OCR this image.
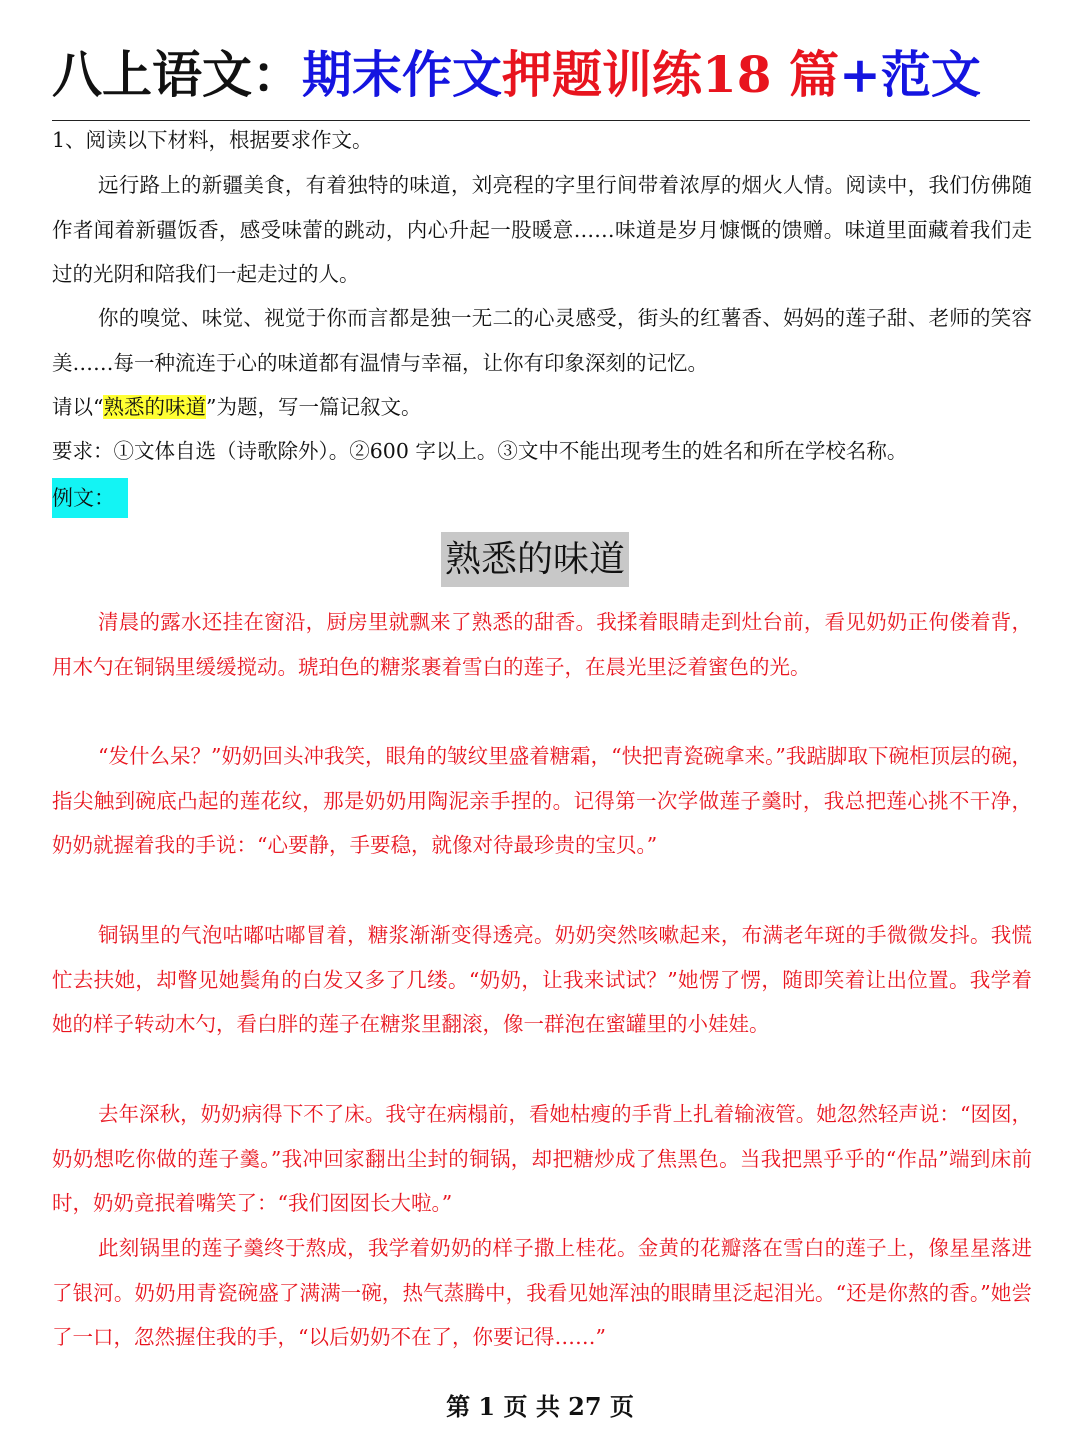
八上语文：期末作文押题训练18 篇+范文
1、阅读以下材料，根据要求作文。
远行路上的新疆美食，有着独特的味道，刘亮程的字里行间带着浓厚的烟火人情。阅读中，我们仿佛随作者闻着新疆饭香，感受味蕾的跳动，内心升起一股暖意……味道是岁月慷慨的馈赠。味道里面藏着我们走过的光阴和陪我们一起走过的人。
你的嗅觉、味觉、视觉于你而言都是独一无二的心灵感受，街头的红薯香、妈妈的莲子甜、老师的笑容美……每一种流连于心的味道都有温情与幸福，让你有印象深刻的记忆。
请以“熟悉的味道”为题，写一篇记叙文。
要求：①文体自选（诗歌除外）。②600 字以上。③文中不能出现考生的姓名和所在学校名称。
例文：
熟悉的味道
清晨的露水还挂在窗沿，厨房里就飘来了熟悉的甜香。我揉着眼睛走到灶台前，看见奶奶正佝偻着背，用木勺在铜锅里缓缓搅动。琥珀色的糖浆裹着雪白的莲子，在晨光里泛着蜜色的光。
“发什么呆？”奶奶回头冲我笑，眼角的皱纹里盛着糖霜，“快把青瓷碗拿来。”我踮脚取下碗柜顶层的碗，指尖触到碗底凸起的莲花纹，那是奶奶用陶泥亲手捏的。记得第一次学做莲子羹时，我总把莲心挑不干净，奶奶就握着我的手说：“心要静，手要稳，就像对待最珍贵的宝贝。”
铜锅里的气泡咕嘟咕嘟冒着，糖浆渐渐变得透亮。奶奶突然咳嗽起来，布满老年斑的手微微发抖。我慌忙去扶她，却瞥见她鬓角的白发又多了几缕。“奶奶，让我来试试？”她愣了愣，随即笑着让出位置。我学着她的样子转动木勺，看白胖的莲子在糖浆里翻滚，像一群泡在蜜罐里的小娃娃。
去年深秋，奶奶病得下不了床。我守在病榻前，看她枯瘦的手背上扎着输液管。她忽然轻声说：“囡囡，奶奶想吃你做的莲子羹。”我冲回家翻出尘封的铜锅，却把糖炒成了焦黑色。当我把黑乎乎的“作品”端到床前时，奶奶竟抿着嘴笑了：“我们囡囡长大啦。”
此刻锅里的莲子羹终于熬成，我学着奶奶的样子撒上桂花。金黄的花瓣落在雪白的莲子上，像星星落进了银河。奶奶用青瓷碗盛了满满一碗，热气蒸腾中，我看见她浑浊的眼睛里泛起泪光。“还是你熬的香。”她尝了一口，忽然握住我的手，“以后奶奶不在了，你要记得……”
第 1 页 共 27 页
